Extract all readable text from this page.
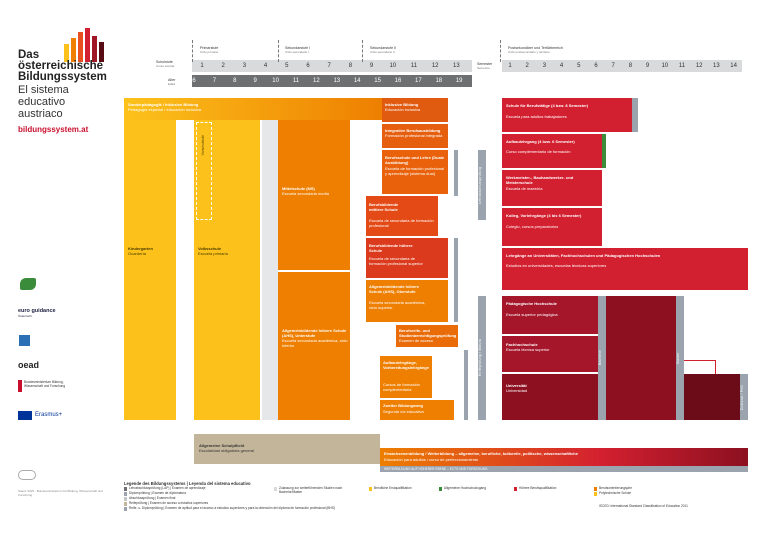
Das
österreichische
Bildungssystem
El sistema
educativo
austriaco
bildungssystem.at
euro guidance
Österreich
oead
Bundesministerium Bildung, Wissenschaft und Forschung
Erasmus+
Schulstufe
Curso escolar
Alter
Edad
Primarstufe
Ciclo primario
Sekundarstufe I
Ciclo secundario I
Sekundarstufe II
Ciclo secundario II
Postsekundärer und Tertiärbereich
Ciclo postsecundario y terciario
Semester
Semestre
1	2	3	4	5	6	7	8	9	10	11	12	13
6	7	8	9	10	11	12	13	14	15	16	17	18	19	20
1	2	3	4	5	6	7	8	9	10	11	12	13	14
Sonderpädagogik / Inklusive Bildung
Pedagogía especial / educación inclusiva
Kindergarten
Guardería
Volksschule
Escuela primaria
Vorschulstufe
Mittelschule (MS)
Escuela secundaria media
Allgemeinbildende höhere Schule (AHS), Unterstufe
Escuela secundaria académica, ciclo inferior
Inklusive Bildung
Educación inclusiva
Integrative Berufsausbildung
Formación profesional integrada
Berufsschule und Lehre (Duale Ausbildung)
Escuela de formación profesional y aprendizaje (sistema dual)
Berufsbildende mittlere Schule
Escuela de secundaria de formación profesional
Berufsbildende höhere Schule
Escuela de secundaria de formación profesional superior
Allgemeinbildende höhere Schule (AHS), Oberstufe
Escuela secundaria académica, ciclo superior
Berufsreife- und Studienberechtigungsprüfung
Examen de acceso
Aufbaulehrgänge, Vorbereitungslehrgänge
Cursos de formación complementaria
Zweiter Bildungsweg
Segunda vía educativa
Lehrabschlussprüfung
Reifeprüfung / Matura
Schule für Berufstätige (4 bzw. 8 Semester)
Escuela para adultos trabajadores
Aufbaulehrgang (4 bzw. 6 Semester)
Curso complementario de formación
Werkmeister-, Bauhandwerker- und Meisterschule
Escuela de maestría
Kolleg, Vorlehrgänge (4 bis 6 Semester)
Colegio, cursos preparatorios
Lehrgänge an Universitäten, Fachhochschulen und Pädagogischen Hochschulen
Estudios en universidades, escuelas técnicas superiores
Pädagogische Hochschule
Escuela superior pedagógica
Fachhochschule
Escuela técnica superior
Universität
Universidad
Bachelor	Master
Doktorat / PhD
Allgemeine Schulpflicht
Escolaridad obligatoria general
Erwachsenenbildung / Weiterbildung – allgemeine, berufliche, kulturelle, politische, wissenschaftliche
Educación para adultos / curso de perfeccionamiento
WEITERBILDUNG AUF HÖHERER EBENE – ECTS UND FORSCHUNG
Legende des Bildungssystems | Leyenda del sistema educativo
Lehrabschlussprüfung (LAP) | Examen de aprendizaje
Diplomprüfung | Examen de diplomatura
Abschlussprüfung | Examen final
Reifeprüfung | Examen de acceso a estudios superiores
Reife- u. Diplomprüfung | Examen de aptitud para el acceso a estudios superiores y para la obtención del diploma de formación profesional (BHS)
Zulassung zur weiterführenden Studien nach Bachelor/Master
Berufliche Erstqualifikation	Allgemeine Hochschulzugang	Höhere Berufsqualifikation	Berufsorientierungsjahr
Polytechnische Schule
ISCED: International Standard Classification of Education 2011
Stand: 2023 · Bundesministerium für Bildung, Wissenschaft und Forschung
